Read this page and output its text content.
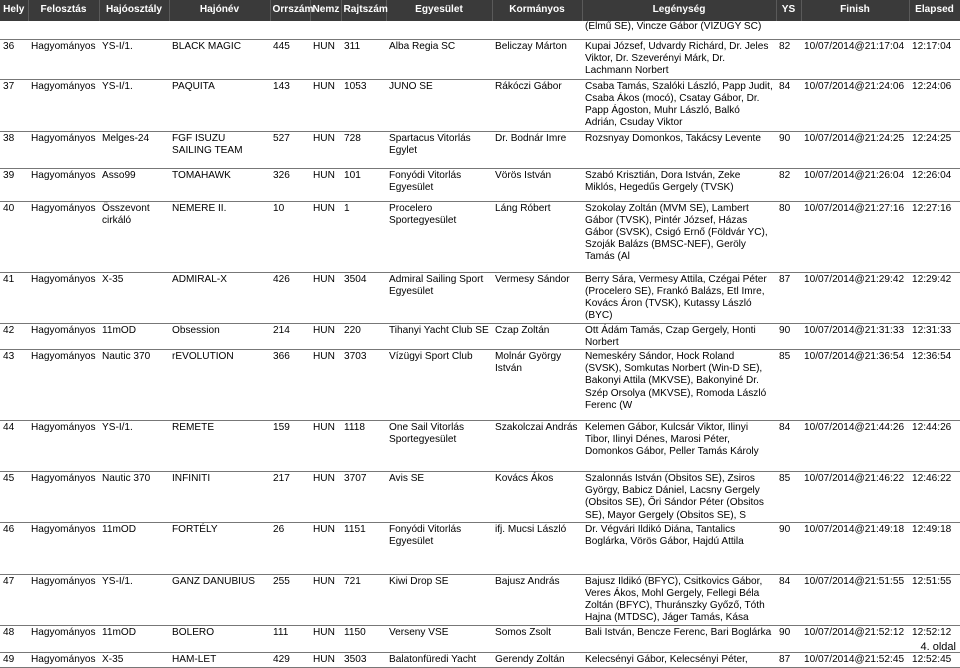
Hely	Felosztás	Hajóosztály	Hajónév	Orrszám	Nemz	Rajtszám	Egyesület	Kormányos	Legénység	YS	Finish	Elapsed
									(Elmű SE), Vincze Gábor (VÍZÜGY SC)			
36	Hagyományos	YS-I/1.	BLACK MAGIC	445	HUN	311	Alba Regia SC	Beliczay Márton	Kupai József, Udvardy Richárd, Dr. Jeles Viktor, Dr. Szeverényi Márk, Dr. Lachmann Norbert	82	10/07/2014@21:17:04	12:17:04
37	Hagyományos	YS-I/1.	PAQUITA	143	HUN	1053	JUNO SE	Rákóczi Gábor	Csaba Tamás, Szalóki László, Papp Judit, Csaba Ákos (mocó), Csatay Gábor, Dr. Papp Ágoston, Muhr László, Balkó Adrián, Csuday Viktor	84	10/07/2014@21:24:06	12:24:06
38	Hagyományos	Melges-24	FGF ISUZU SAILING TEAM	527	HUN	728	Spartacus Vitorlás Egylet	Dr. Bodnár Imre	Rozsnyay Domonkos, Takácsy Levente	90	10/07/2014@21:24:25	12:24:25
39	Hagyományos	Asso99	TOMAHAWK	326	HUN	101	Fonyódi Vitorlás Egyesület	Vörös István	Szabó Krisztián, Dora István, Zeke Miklós, Hegedűs Gergely (TVSK)	82	10/07/2014@21:26:04	12:26:04
40	Hagyományos	Összevont cirkáló	NEMERE II.	10	HUN	1	Procelero Sportegyesület	Láng Róbert	Szokolay Zoltán (MVM SE), Lambert Gábor (TVSK), Pintér József, Házas Gábor (SVSK), Csigó Ernő (Földvár YC), Szoják Balázs (BMSC-NEF), Geröly Tamás (Al	80	10/07/2014@21:27:16	12:27:16
41	Hagyományos	X-35	ADMIRAL-X	426	HUN	3504	Admiral Sailing Sport Egyesület	Vermesy Sándor	Berry Sára, Vermesy Attila, Czégai Péter (Procelero SE), Frankó Balázs, Etl Imre, Kovács Áron (TVSK), Kutassy László (BYC)	87	10/07/2014@21:29:42	12:29:42
42	Hagyományos	11mOD	Obsession	214	HUN	220	Tihanyi Yacht Club SE	Czap Zoltán	Ott Ádám Tamás, Czap Gergely, Honti Norbert	90	10/07/2014@21:31:33	12:31:33
43	Hagyományos	Nautic 370	rEVOLUTION	366	HUN	3703	Vízügyi Sport Club	Molnár György István	Nemeskéry Sándor, Hock Roland (SVSK), Somkutas Norbert (Win-D SE), Bakonyi Attila (MKVSE), Bakonyiné Dr. Szép Orsolya (MKVSE), Romoda László Ferenc (W	85	10/07/2014@21:36:54	12:36:54
44	Hagyományos	YS-I/1.	REMETE	159	HUN	1118	One Sail Vitorlás Sportegyesület	Szakolczai András	Kelemen Gábor, Kulcsár Viktor, Ilinyi Tibor, Ilinyi Dénes, Marosi Péter, Domonkos Gábor, Peller Tamás Károly	84	10/07/2014@21:44:26	12:44:26
45	Hagyományos	Nautic 370	INFINITI	217	HUN	3707	Avis SE	Kovács Ákos	Szalonnás István (Obsitos SE), Zsiros György, Babicz Dániel, Lacsny Gergely (Obsitos SE), Őri Sándor Péter (Obsitos SE), Mayor Gergely (Obsitos SE), S	85	10/07/2014@21:46:22	12:46:22
46	Hagyományos	11mOD	FORTÉLY	26	HUN	1151	Fonyódi Vitorlás Egyesület	ifj. Mucsi László	Dr. Végvári Ildikó Diána, Tantalics Boglárka, Vörös Gábor, Hajdú Attila	90	10/07/2014@21:49:18	12:49:18
47	Hagyományos	YS-I/1.	GANZ DANUBIUS	255	HUN	721	Kiwi Drop SE	Bajusz András	Bajusz Ildikó (BFYC), Csitkovics Gábor, Veres Ákos, Mohl Gergely, Fellegi Béla Zoltán (BFYC), Thuránszky Győző, Tóth Hajna (MTDSC), Jáger Tamás, Kása	84	10/07/2014@21:51:55	12:51:55
48	Hagyományos	11mOD	BOLERO	111	HUN	1150	Verseny VSE	Somos Zsolt	Bali István, Bencze Ferenc, Bari Boglárka	90	10/07/2014@21:52:12	12:52:12
49	Hagyományos	X-35	HAM-LET	429	HUN	3503	Balatonfüredi Yacht	Gerendy Zoltán	Kelecsényi Gábor, Kelecsényi Péter,	87	10/07/2014@21:52:45	12:52:45
4. oldal
